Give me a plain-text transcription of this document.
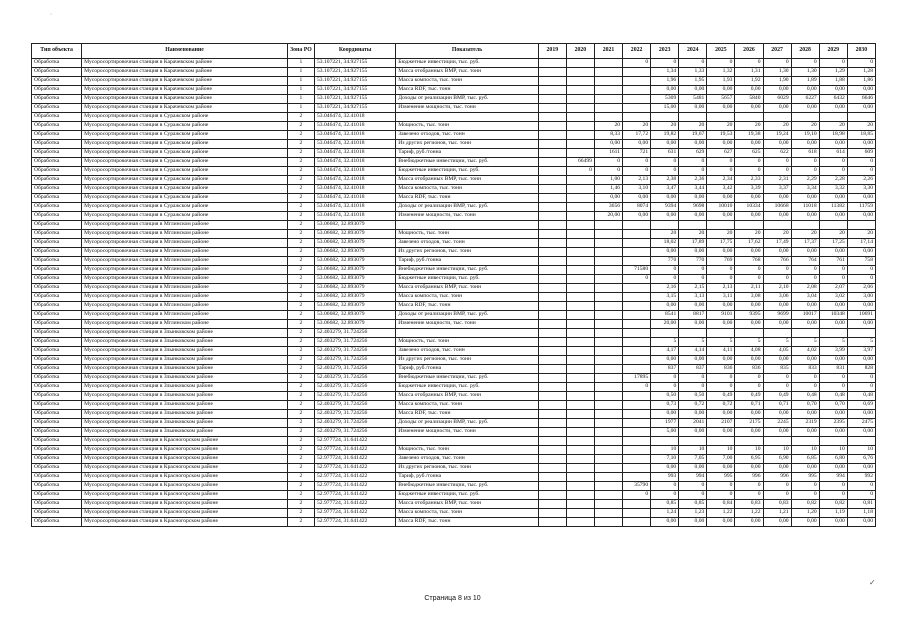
·
Тип объекта	Наименование	Зона РО	Координаты	Показатель	2019	2020	2021	2022	2023	2024	2025	2026	2027	2028	2029	2030
Обработка	Мусоросортировочная станция в Карачевском районе	1	53.107221, 34.927155	Бюджетные инвестиции, тыс. руб.				0	0	0	0	0	0	0	0	0
Обработка	Мусоросортировочная станция в Карачевском районе	1	53.107221, 34.927155	Масса отобранных ВМР, тыс. тонн					1,34	1,33	1,32	1,31	1,30	1,30	1,29	1,28
Обработка	Мусоросортировочная станция в Карачевском районе	1	53.107221, 34.927155	Масса компоста, тыс. тонн					1,96	1,95	1,93	1,92	1,90	1,89	1,88	1,86
Обработка	Мусоросортировочная станция в Карачевском районе	1	53.107221, 34.927155	Масса RDF, тыс. тонн					0,00	0,00	0,00	0,00	0,00	0,00	0,00	0,00
Обработка	Мусоросортировочная станция в Карачевском районе	1	53.107221, 34.927155	Доходы от реализации ВМР, тыс. руб.					5309	5481	5657	5840	6029	6227	6432	6646
Обработка	Мусоросортировочная станция в Карачевском районе	1	53.107221, 34.927155	Изменение мощности, тыс. тонн					15,00	0,00	0,00	0,00	0,00	0,00	0,00	0,00
Обработка	Мусоросортировочная станция в Суражском районе	2	53.046474, 32.41018													
Обработка	Мусоросортировочная станция в Суражском районе	2	53.046474, 32.41018	Мощность, тыс. тонн			20	20	20	20	20	20	20	20	20	20
Обработка	Мусоросортировочная станция в Суражском районе	2	53.046474, 32.41018	Завезено отходов, тыс. тонн			8,33	17,72	19,82	19,67	19,53	19,38	19,24	19,10	18,98	18,85
Обработка	Мусоросортировочная станция в Суражском районе	2	53.046474, 32.41018	Из других регионов, тыс. тонн			0,00	0,00	0,00	0,00	0,00	0,00	0,00	0,00	0,00	0,00
Обработка	Мусоросортировочная станция в Суражском районе	2	53.046474, 32.41018	Тариф, руб./тонна			1611	721	631	629	627	625	622	618	614	609
Обработка	Мусоросортировочная станция в Суражском районе	2	53.046474, 32.41018	Внебюджетные инвестиции, тыс. руб.		66499	0	0	0	0	0	0	0	0	0	0
Обработка	Мусоросортировочная станция в Суражском районе	2	53.046474, 32.41018	Бюджетные инвестиции, тыс. руб.		0	0	0	0	0	0	0	0	0	0	0
Обработка	Мусоросортировочная станция в Суражском районе	2	53.046474, 32.41018	Масса отобранных ВМР, тыс. тонн			1,00	2,13	2,38	2,36	2,34	2,33	2,31	2,29	2,28	2,26
Обработка	Мусоросортировочная станция в Суражском районе	2	53.046474, 32.41018	Масса компоста, тыс. тонн			1,46	3,10	3,47	3,44	3,42	3,39	3,37	3,34	3,32	3,30
Обработка	Мусоросортировочная станция в Суражском районе	2	53.046474, 32.41018	Масса RDF, тыс. тонн			0,00	0,00	0,00	0,00	0,00	0,00	0,00	0,00	0,00	0,00
Обработка	Мусоросортировочная станция в Суражском районе	2	53.046474, 32.41018	Доходы от реализации ВМР, тыс. руб.			3656	8074	9394	9698	10010	10334	10668	11018	11382	11759
Обработка	Мусоросортировочная станция в Суражском районе	2	53.046474, 32.41018	Изменение мощности, тыс. тонн			20,00	0,00	0,00	0,00	0,00	0,00	0,00	0,00	0,00	0,00
Обработка	Мусоросортировочная станция в Мглинском районе	2	53.06682, 32.893079													
Обработка	Мусоросортировочная станция в Мглинском районе	2	53.06682, 32.893079	Мощность, тыс. тонн					20	20	20	20	20	20	20	20
Обработка	Мусоросортировочная станция в Мглинском районе	2	53.06682, 32.893079	Завезено отходов, тыс. тонн					18,02	17,89	17,75	17,62	17,49	17,37	17,25	17,14
Обработка	Мусоросортировочная станция в Мглинском районе	2	53.06682, 32.893079	Из других регионов, тыс. тонн					0,00	0,00	0,00	0,00	0,00	0,00	0,00	0,00
Обработка	Мусоросортировочная станция в Мглинском районе	2	53.06682, 32.893079	Тариф, руб./тонна					770	770	769	768	766	764	761	758
Обработка	Мусоросортировочная станция в Мглинском районе	2	53.06682, 32.893079	Внебюджетные инвестиции, тыс. руб.				71580	0	0	0	0	0	0	0	0
Обработка	Мусоросортировочная станция в Мглинском районе	2	53.06682, 32.893079	Бюджетные инвестиции, тыс. руб.				0	0	0	0	0	0	0	0	0
Обработка	Мусоросортировочная станция в Мглинском районе	2	53.06682, 32.893079	Масса отобранных ВМР, тыс. тонн					2,16	2,15	2,13	2,11	2,10	2,08	2,07	2,06
Обработка	Мусоросортировочная станция в Мглинском районе	2	53.06682, 32.893079	Масса компоста, тыс. тонн					3,15	3,13	3,11	3,08	3,06	3,04	3,02	3,00
Обработка	Мусоросортировочная станция в Мглинском районе	2	53.06682, 32.893079	Масса RDF, тыс. тонн					0,00	0,00	0,00	0,00	0,00	0,00	0,00	0,00
Обработка	Мусоросортировочная станция в Мглинском районе	2	53.06682, 32.893079	Доходы от реализации ВМР, тыс. руб.					8541	8817	9101	9395	9699	10017	10348	10691
Обработка	Мусоросортировочная станция в Мглинском районе	2	53.06682, 32.893079	Изменение мощности, тыс. тонн					20,00	0,00	0,00	0,00	0,00	0,00	0,00	0,00
Обработка	Мусоросортировочная станция в Злынковском районе	2	52.403279, 31.724256													
Обработка	Мусоросортировочная станция в Злынковском районе	2	52.403279, 31.724256	Мощность, тыс. тонн					5	5	5	5	5	5	5	5
Обработка	Мусоросортировочная станция в Злынковском районе	2	52.403279, 31.724256	Завезено отходов, тыс. тонн					4,17	4,14	4,11	4,08	4,05	4,02	3,99	3,97
Обработка	Мусоросортировочная станция в Злынковском районе	2	52.403279, 31.724256	Из других регионов, тыс. тонн					0,00	0,00	0,00	0,00	0,00	0,00	0,00	0,00
Обработка	Мусоросортировочная станция в Злынковском районе	2	52.403279, 31.724256	Тариф, руб./тонна					837	837	836	836	835	833	831	828
Обработка	Мусоросортировочная станция в Злынковском районе	2	52.403279, 31.724256	Внебюджетные инвестиции, тыс. руб.				17895	0	0	0	0	0	0	0	0
Обработка	Мусоросортировочная станция в Злынковском районе	2	52.403279, 31.724256	Бюджетные инвестиции, тыс. руб.				0	0	0	0	0	0	0	0	0
Обработка	Мусоросортировочная станция в Злынковском районе	2	52.403279, 31.724256	Масса отобранных ВМР, тыс. тонн					0,50	0,50	0,49	0,49	0,49	0,48	0,48	0,48
Обработка	Мусоросортировочная станция в Злынковском районе	2	52.403279, 31.724256	Масса компоста, тыс. тонн					0,73	0,72	0,72	0,71	0,71	0,70	0,70	0,69
Обработка	Мусоросортировочная станция в Злынковском районе	2	52.403279, 31.724256	Масса RDF, тыс. тонн					0,00	0,00	0,00	0,00	0,00	0,00	0,00	0,00
Обработка	Мусоросортировочная станция в Злынковском районе	2	52.403279, 31.724256	Доходы от реализации ВМР, тыс. руб.					1977	2041	2107	2175	2245	2319	2395	2475
Обработка	Мусоросортировочная станция в Злынковском районе	2	52.403279, 31.724256	Изменение мощности, тыс. тонн					5,00	0,00	0,00	0,00	0,00	0,00	0,00	0,00
Обработка	Мусоросортировочная станция в Красногорском районе	2	52.977724, 31.641422													
Обработка	Мусоросортировочная станция в Красногорском районе	2	52.977724, 31.641422	Мощность, тыс. тонн					10	10	10	10	10	10	10	10
Обработка	Мусоросортировочная станция в Красногорском районе	2	52.977724, 31.641422	Завезено отходов, тыс. тонн					7,10	7,05	7,00	6,95	6,90	6,85	6,80	6,76
Обработка	Мусоросортировочная станция в Красногорском районе	2	52.977724, 31.641422	Из других регионов, тыс. тонн					0,00	0,00	0,00	0,00	0,00	0,00	0,00	0,00
Обработка	Мусоросортировочная станция в Красногорском районе	2	52.977724, 31.641422	Тариф, руб./тонна					993	994	995	996	996	995	994	992
Обработка	Мусоросортировочная станция в Красногорском районе	2	52.977724, 31.641422	Внебюджетные инвестиции, тыс. руб.				35790	0	0	0	0	0	0	0	0
Обработка	Мусоросортировочная станция в Красногорском районе	2	52.977724, 31.641422	Бюджетные инвестиции, тыс. руб.				0	0	0	0	0	0	0	0	0
Обработка	Мусоросортировочная станция в Красногорском районе	2	52.977724, 31.641422	Масса отобранных ВМР, тыс. тонн					0,85	0,85	0,84	0,83	0,83	0,82	0,82	0,81
Обработка	Мусоросортировочная станция в Красногорском районе	2	52.977724, 31.641422	Масса компоста, тыс. тонн					1,24	1,23	1,22	1,22	1,21	1,20	1,19	1,18
Обработка	Мусоросортировочная станция в Красногорском районе	2	52.977724, 31.641422	Масса RDF, тыс. тонн					0,00	0,00	0,00	0,00	0,00	0,00	0,00	0,00
Страница 8 из 10
✓
